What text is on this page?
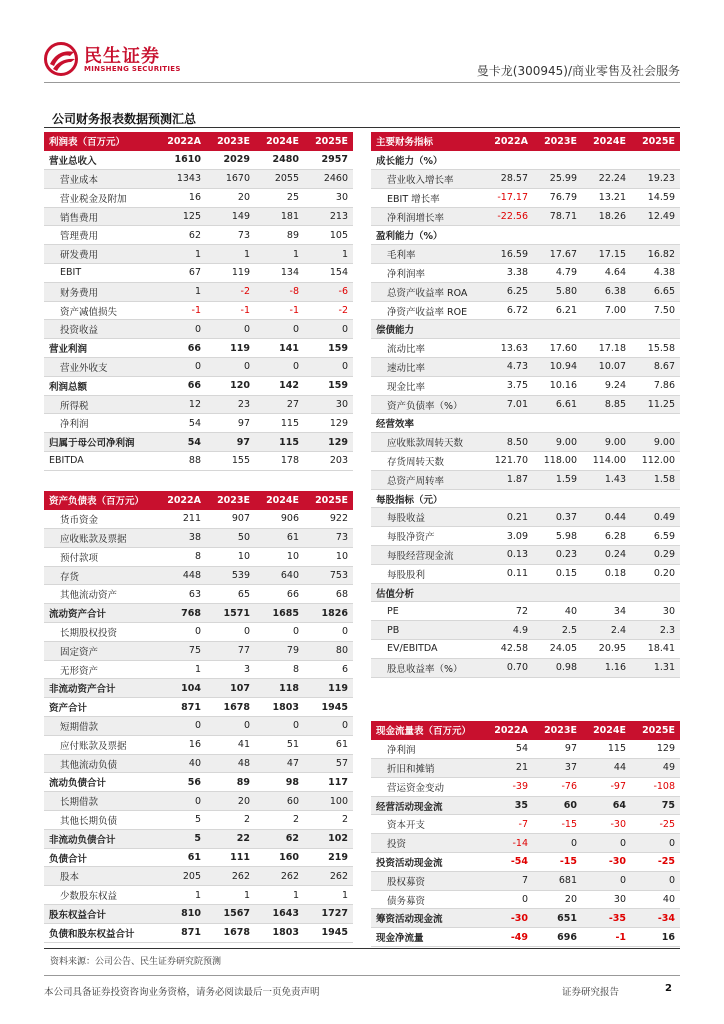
民生证券
MINSHENG SECURITIES	曼卡龙(300945)/商业零售及社会服务
公司财务报表数据预测汇总
利润表（百万元）	2022A	2023E	2024E	2025E
营业总收入	1610	2029	2480	2957
营业成本	1343	1670	2055	2460
营业税金及附加	16	20	25	30
销售费用	125	149	181	213
管理费用	62	73	89	105
研发费用	1	1	1	1
EBIT	67	119	134	154
财务费用	1	-2	-8	-6
资产减值损失	-1	-1	-1	-2
投资收益	0	0	0	0
营业利润	66	119	141	159
营业外收支	0	0	0	0
利润总额	66	120	142	159
所得税	12	23	27	30
净利润	54	97	115	129
归属于母公司净利润	54	97	115	129
EBITDA	88	155	178	203
资产负债表（百万元）	2022A	2023E	2024E	2025E
货币资金	211	907	906	922
应收账款及票据	38	50	61	73
预付款项	8	10	10	10
存货	448	539	640	753
其他流动资产	63	65	66	68
流动资产合计	768	1571	1685	1826
长期股权投资	0	0	0	0
固定资产	75	77	79	80
无形资产	1	3	8	6
非流动资产合计	104	107	118	119
资产合计	871	1678	1803	1945
短期借款	0	0	0	0
应付账款及票据	16	41	51	61
其他流动负债	40	48	47	57
流动负债合计	56	89	98	117
长期借款	0	20	60	100
其他长期负债	5	2	2	2
非流动负债合计	5	22	62	102
负债合计	61	111	160	219
股本	205	262	262	262
少数股东权益	1	1	1	1
股东权益合计	810	1567	1643	1727
负债和股东权益合计	871	1678	1803	1945
主要财务指标	2022A	2023E	2024E	2025E
成长能力（%）				
营业收入增长率	28.57	25.99	22.24	19.23
EBIT 增长率	-17.17	76.79	13.21	14.59
净利润增长率	-22.56	78.71	18.26	12.49
盈利能力（%）				
毛利率	16.59	17.67	17.15	16.82
净利润率	3.38	4.79	4.64	4.38
总资产收益率 ROA	6.25	5.80	6.38	6.65
净资产收益率 ROE	6.72	6.21	7.00	7.50
偿债能力				
流动比率	13.63	17.60	17.18	15.58
速动比率	4.73	10.94	10.07	8.67
现金比率	3.75	10.16	9.24	7.86
资产负债率（%）	7.01	6.61	8.85	11.25
经营效率				
应收账款周转天数	8.50	9.00	9.00	9.00
存货周转天数	121.70	118.00	114.00	112.00
总资产周转率	1.87	1.59	1.43	1.58
每股指标（元）				
每股收益	0.21	0.37	0.44	0.49
每股净资产	3.09	5.98	6.28	6.59
每股经营现金流	0.13	0.23	0.24	0.29
每股股利	0.11	0.15	0.18	0.20
估值分析				
PE	72	40	34	30
PB	4.9	2.5	2.4	2.3
EV/EBITDA	42.58	24.05	20.95	18.41
股息收益率（%）	0.70	0.98	1.16	1.31
现金流量表（百万元）	2022A	2023E	2024E	2025E
净利润	54	97	115	129
折旧和摊销	21	37	44	49
营运资金变动	-39	-76	-97	-108
经营活动现金流	35	60	64	75
资本开支	-7	-15	-30	-25
投资	-14	0	0	0
投资活动现金流	-54	-15	-30	-25
股权募资	7	681	0	0
债务募资	0	20	30	40
筹资活动现金流	-30	651	-35	-34
现金净流量	-49	696	-1	16
资料来源：公司公告、民生证券研究院预测
本公司具备证券投资咨询业务资格，请务必阅读最后一页免责声明	证券研究报告	2
